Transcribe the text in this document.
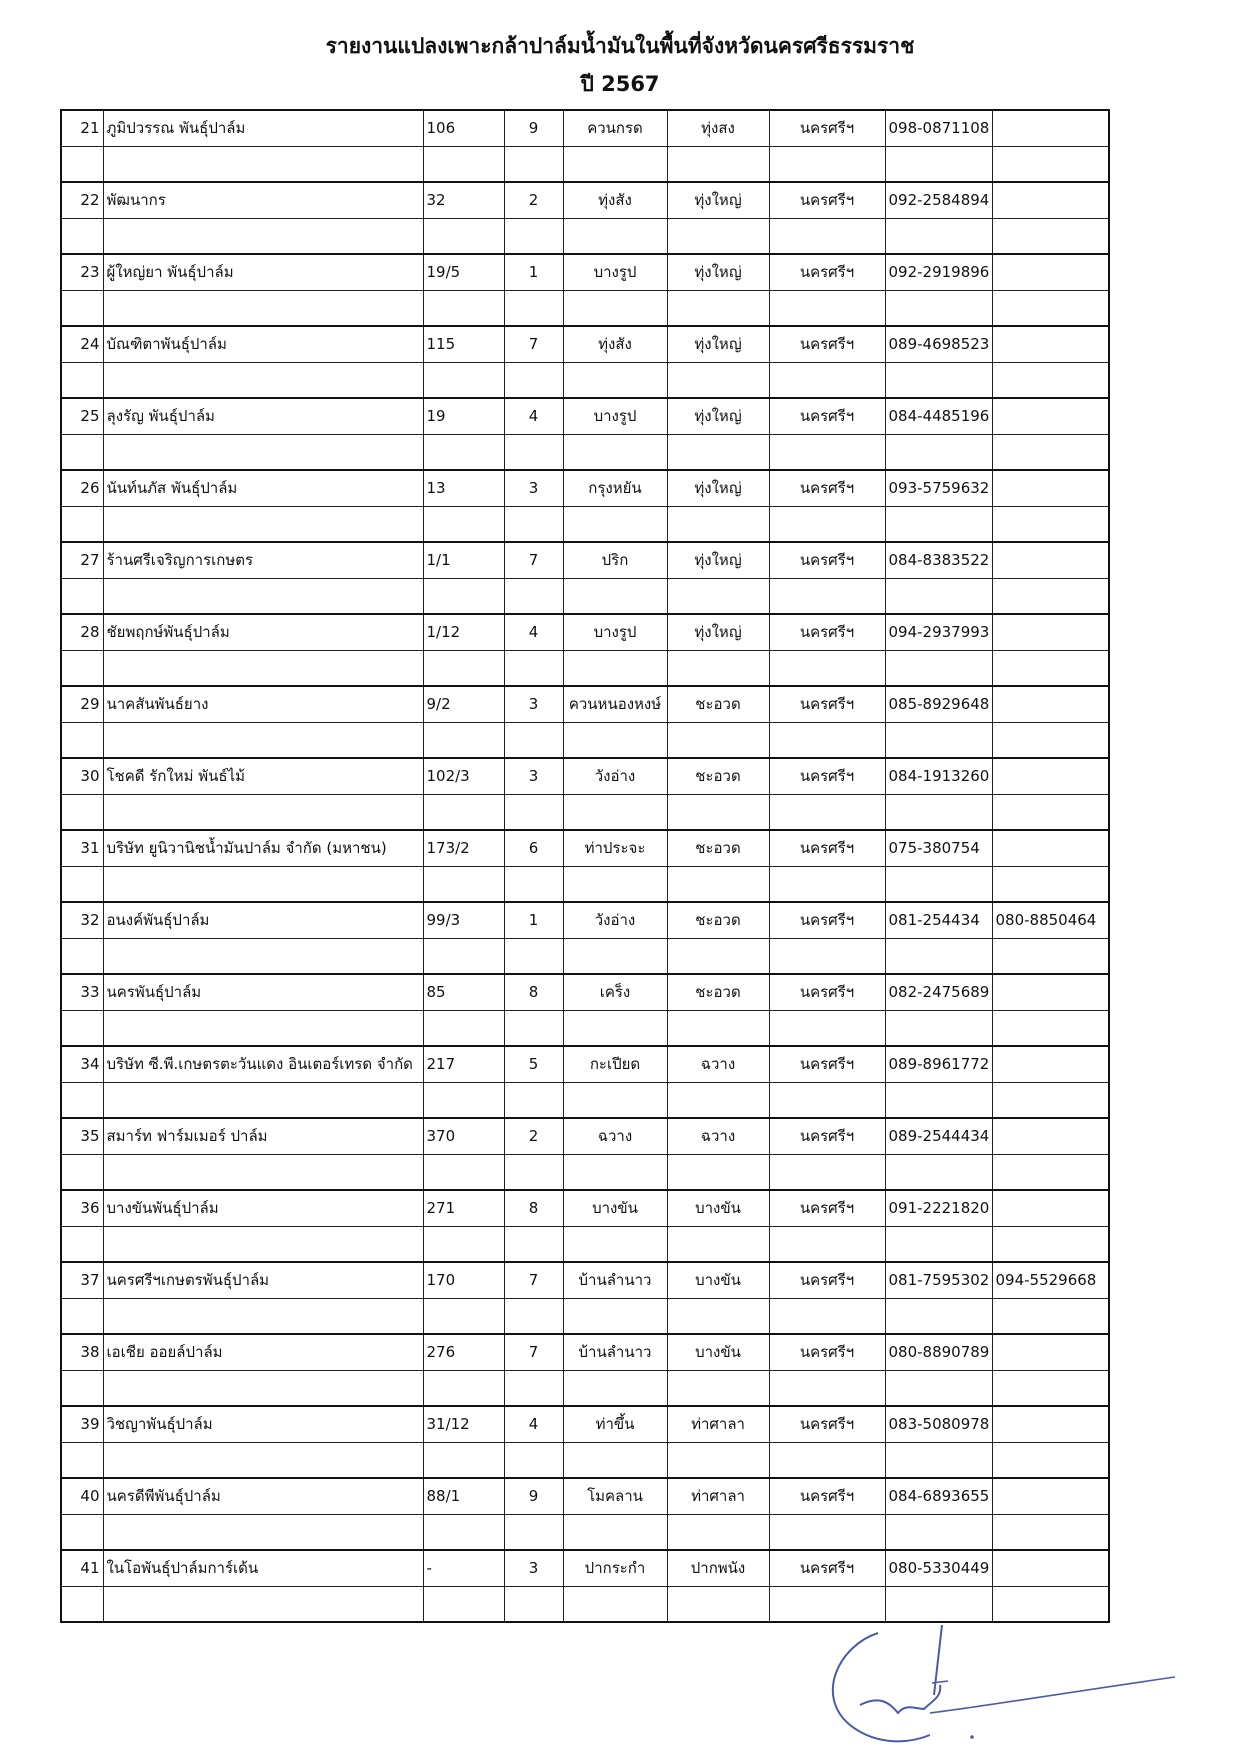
รายงานแปลงเพาะกล้าปาล์มน้ำมันในพื้นที่จังหวัดนครศรีธรรมราช
ปี 2567
21	ภูมิปวรรณ พันธุ์ปาล์ม	106	9	ควนกรด	ทุ่งสง	นครศรีฯ	098-0871108	

22	พัฒนากร	32	2	ทุ่งสัง	ทุ่งใหญ่	นครศรีฯ	092-2584894	

23	ผู้ใหญ่ยา พันธุ์ปาล์ม	19/5	1	บางรูป	ทุ่งใหญ่	นครศรีฯ	092-2919896	

24	บัณฑิตาพันธุ์ปาล์ม	115	7	ทุ่งสัง	ทุ่งใหญ่	นครศรีฯ	089-4698523	

25	ลุงรัญ พันธุ์ปาล์ม	19	4	บางรูป	ทุ่งใหญ่	นครศรีฯ	084-4485196	

26	นันท์นภัส พันธุ์ปาล์ม	13	3	กรุงหยัน	ทุ่งใหญ่	นครศรีฯ	093-5759632	

27	ร้านศรีเจริญการเกษตร	1/1	7	ปริก	ทุ่งใหญ่	นครศรีฯ	084-8383522	

28	ชัยพฤกษ์พันธุ์ปาล์ม	1/12	4	บางรูป	ทุ่งใหญ่	นครศรีฯ	094-2937993	

29	นาคสันพันธ์ยาง	9/2	3	ควนหนองหงษ์	ชะอวด	นครศรีฯ	085-8929648	

30	โชคดี รักใหม่ พันธ์ไม้	102/3	3	วังอ่าง	ชะอวด	นครศรีฯ	084-1913260	

31	บริษัท ยูนิวานิชน้ำมันปาล์ม จำกัด (มหาชน)	173/2	6	ท่าประจะ	ชะอวด	นครศรีฯ	075-380754	

32	อนงค์พันธุ์ปาล์ม	99/3	1	วังอ่าง	ชะอวด	นครศรีฯ	081-254434	080-8850464

33	นครพันธุ์ปาล์ม	85	8	เคร็ง	ชะอวด	นครศรีฯ	082-2475689	

34	บริษัท ซี.พี.เกษตรตะวันแดง อินเตอร์เทรด จำกัด	217	5	กะเปียด	ฉวาง	นครศรีฯ	089-8961772	

35	สมาร์ท ฟาร์มเมอร์ ปาล์ม	370	2	ฉวาง	ฉวาง	นครศรีฯ	089-2544434	

36	บางขันพันธุ์ปาล์ม	271	8	บางขัน	บางขัน	นครศรีฯ	091-2221820	

37	นครศรีฯเกษตรพันธุ์ปาล์ม	170	7	บ้านลำนาว	บางขัน	นครศรีฯ	081-7595302	094-5529668

38	เอเชีย ออยล์ปาล์ม	276	7	บ้านลำนาว	บางขัน	นครศรีฯ	080-8890789	

39	วิชญาพันธุ์ปาล์ม	31/12	4	ท่าขึ้น	ท่าศาลา	นครศรีฯ	083-5080978	

40	นครดีพีพันธุ์ปาล์ม	88/1	9	โมคลาน	ท่าศาลา	นครศรีฯ	084-6893655	

41	ในโอพันธุ์ปาล์มการ์เด้น	-	3	ปากระกำ	ปากพนัง	นครศรีฯ	080-5330449	
